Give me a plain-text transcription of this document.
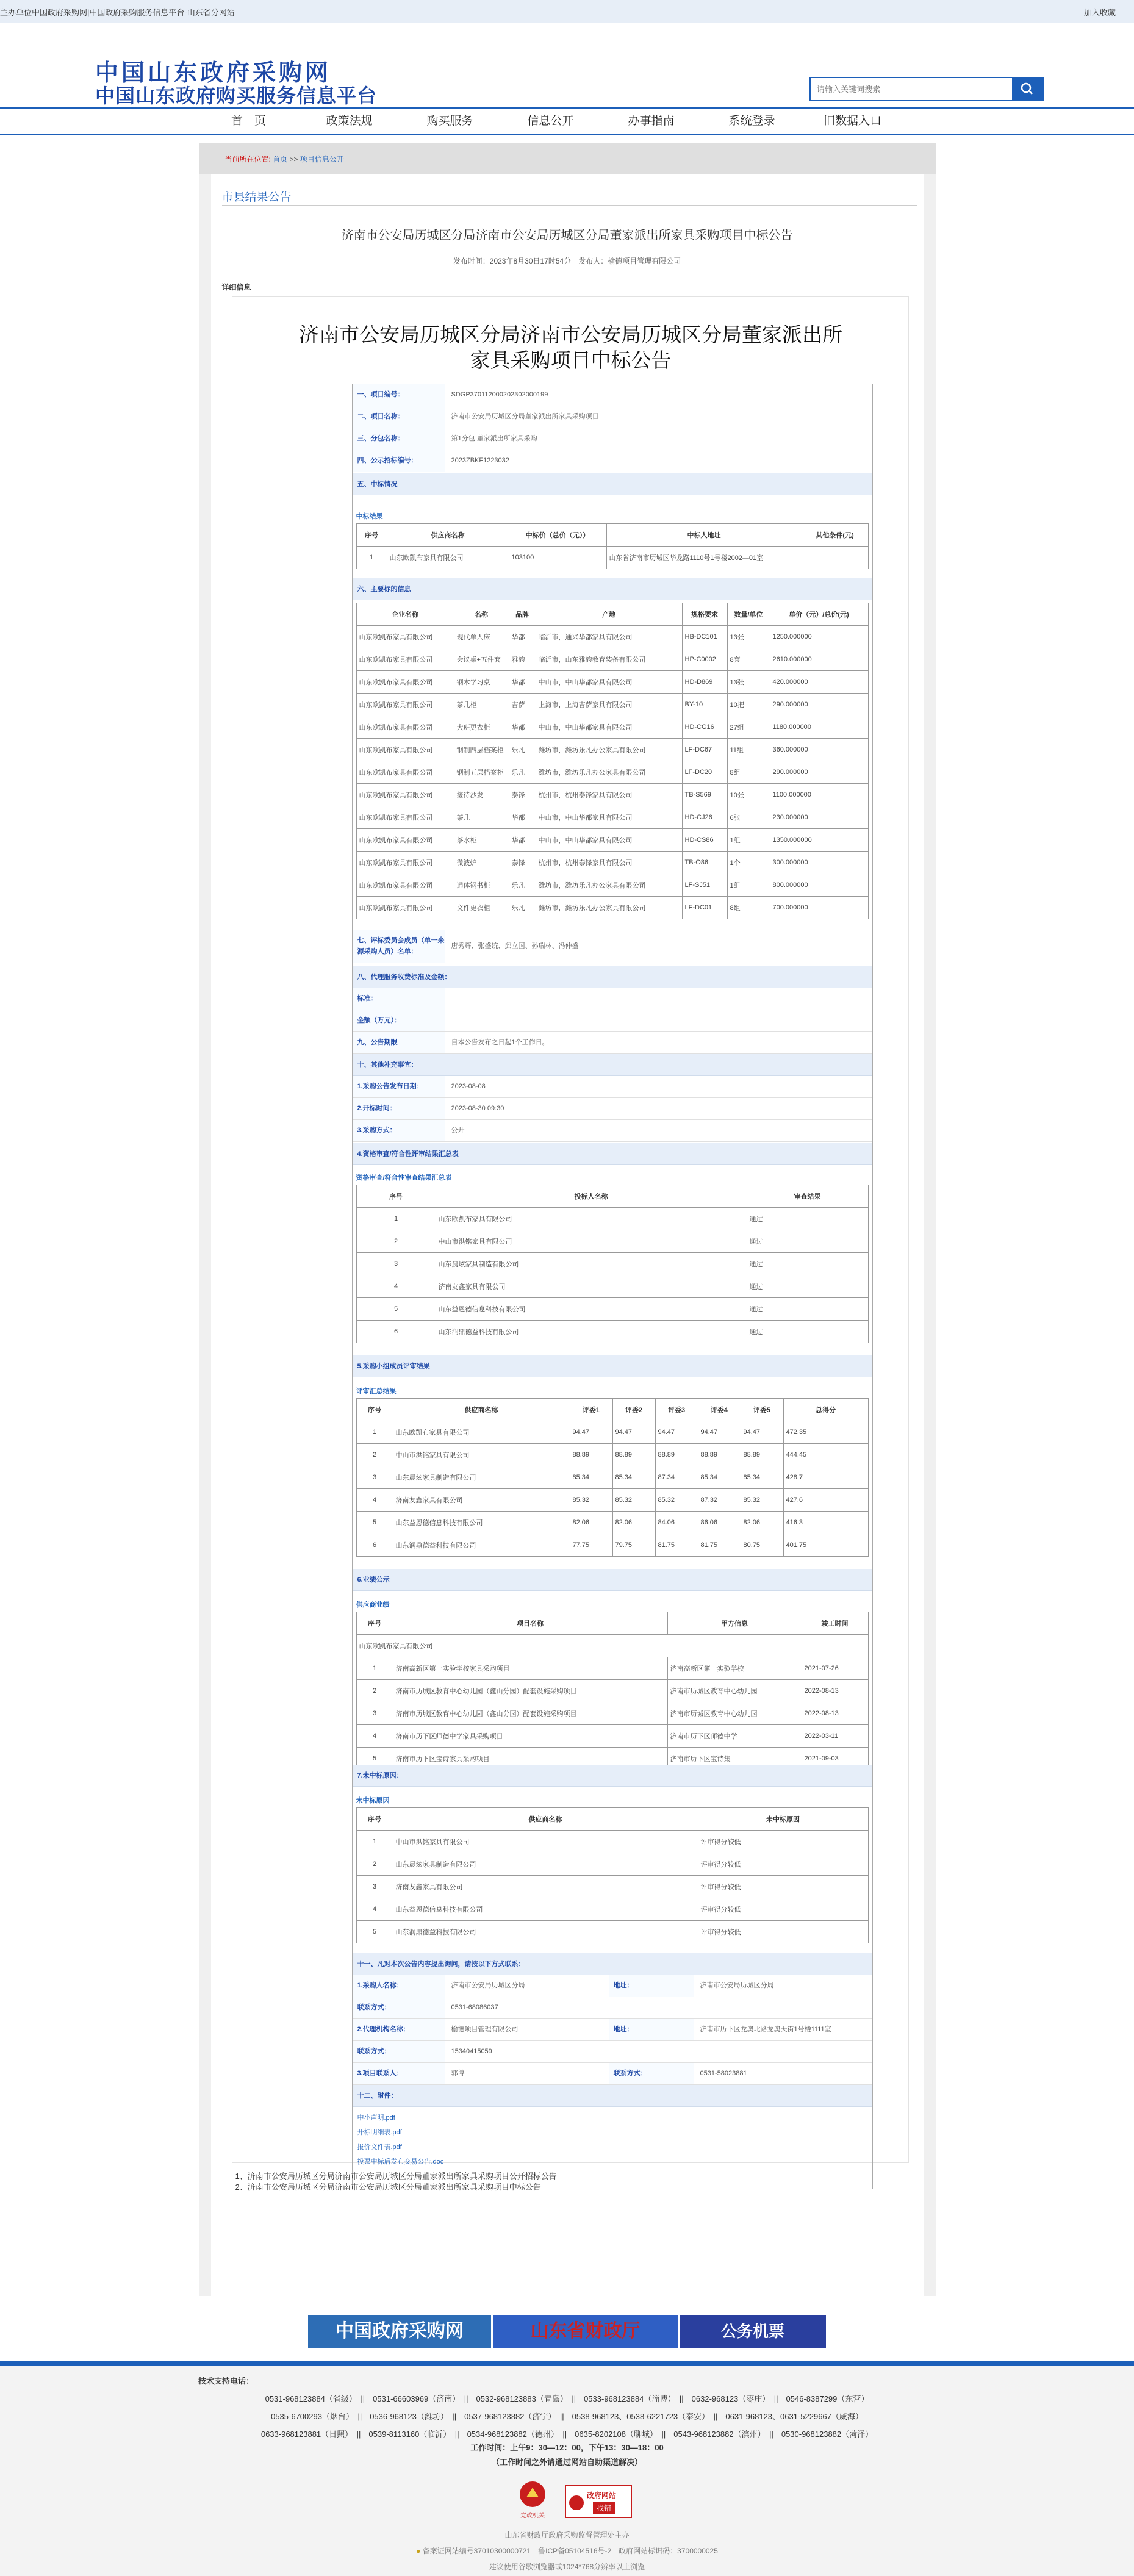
主办单位中国政府采购网|中国政府采购服务信息平台-山东省分网站	加入收藏
中国山东政府采购网
中国山东政府购买服务信息平台
请输入关键词搜索
首　页	政策法规	购买服务	信息公开	办事指南	系统登录	旧数据入口
当前所在位置: 首页 >> 项目信息公开
市县结果公告
济南市公安局历城区分局济南市公安局历城区分局董家派出所家具采购项目中标公告
发布时间：2023年8月30日17时54分　发布人：榆德项目管理有限公司
详细信息
济南市公安局历城区分局济南市公安局历城区分局董家派出所家具采购项目中标公告
一、项目编号：	SDGP370112000202302000199
二、项目名称：	济南市公安局历城区分局董家派出所家具采购项目
三、分包名称：	第1分包 董家派出所家具采购
四、公示招标编号：	2023ZBKF1223032
五、中标情况
中标结果
序号	供应商名称	中标价（总价（元））	中标人地址	其他条件(元)
1	山东欧凯布家具有限公司	103100	山东省济南市历城区华龙路1110号1号楼2002—01室	
六、主要标的信息
企业名称	名称	品牌	产地	规格要求	数量/单位	单价（元）/总价(元)
山东欧凯布家具有限公司	现代单人床	华都	临沂市，通兴华都家具有限公司	HB-DC101	13张	1250.000000
山东欧凯布家具有限公司	会议桌+五件套	雅韵	临沂市，山东雅韵教育装备有限公司	HP-C0002	8套	2610.000000
山东欧凯布家具有限公司	钢木学习桌	华都	中山市，中山华都家具有限公司	HD-D869	13张	420.000000
山东欧凯布家具有限公司	茶几柜	吉萨	上海市，上海吉萨家具有限公司	BY-10	10把	290.000000
山东欧凯布家具有限公司	大班更衣柜	华都	中山市，中山华都家具有限公司	HD-CG16	27组	1180.000000
山东欧凯布家具有限公司	钢制四层档案柜	乐凡	潍坊市，潍坊乐凡办公家具有限公司	LF-DC67	11组	360.000000
山东欧凯布家具有限公司	钢制五层档案柜	乐凡	潍坊市，潍坊乐凡办公家具有限公司	LF-DC20	8组	290.000000
山东欧凯布家具有限公司	接待沙发	泰锋	杭州市，杭州泰锋家具有限公司	TB-S569	10张	1100.000000
山东欧凯布家具有限公司	茶几	华都	中山市，中山华都家具有限公司	HD-CJ26	6张	230.000000
山东欧凯布家具有限公司	茶水柜	华都	中山市，中山华都家具有限公司	HD-CS86	1组	1350.000000
山东欧凯布家具有限公司	微波炉	泰锋	杭州市，杭州泰锋家具有限公司	TB-O86	1个	300.000000
山东欧凯布家具有限公司	通体钢书柜	乐凡	潍坊市，潍坊乐凡办公家具有限公司	LF-SJ51	1组	800.000000
山东欧凯布家具有限公司	文件更衣柜	乐凡	潍坊市，潍坊乐凡办公家具有限公司	LF-DC01	8组	700.000000
七、评标委员会成员（单一来源采购人员）名单：
唐秀辉、张盛统、邱立国、孙瑞林、冯仲盛
八、代理服务收费标准及金额：
标准：
金额（万元）：
九、公告期限	自本公告发布之日起1个工作日。
十、其他补充事宜：
1.采购公告发布日期：	2023-08-08
2.开标时间：	2023-08-30 09:30
3.采购方式：	公开
4.资格审查/符合性评审结果汇总表
资格审查/符合性审查结果汇总表
序号	投标人名称	审查结果
1	山东欧凯布家具有限公司	通过
2	中山市洪铭家具有限公司	通过
3	山东晨炫家具制造有限公司	通过
4	济南友鑫家具有限公司	通过
5	山东益恩德信息科技有限公司	通过
6	山东润鼎德益科技有限公司	通过
5.采购小组成员评审结果
评审汇总结果
序号	供应商名称	评委1	评委2	评委3	评委4	评委5	总得分
1	山东欧凯布家具有限公司	94.47	94.47	94.47	94.47	94.47	472.35
2	中山市洪铭家具有限公司	88.89	88.89	88.89	88.89	88.89	444.45
3	山东晨炫家具制造有限公司	85.34	85.34	87.34	85.34	85.34	428.7
4	济南友鑫家具有限公司	85.32	85.32	85.32	87.32	85.32	427.6
5	山东益恩德信息科技有限公司	82.06	82.06	84.06	86.06	82.06	416.3
6	山东润鼎德益科技有限公司	77.75	79.75	81.75	81.75	80.75	401.75
6.业绩公示
供应商业绩
序号	项目名称	甲方信息	竣工时间
山东欧凯布家具有限公司			
1	济南高新区第一实验学校家具采购项目	济南高新区第一实验学校	2021-07-26
2	济南市历城区教育中心幼儿园（鑫山分园）配套设施采购项目	济南市历城区教育中心幼儿园	2022-08-13
3	济南市历城区教育中心幼儿园（鑫山分园）配套设施采购项目	济南市历城区教育中心幼儿园	2022-08-13
4	济南市历下区师德中学家具采购项目	济南市历下区师德中学	2022-03-11
5	济南市历下区宝诗家具采购项目	济南市历下区宝诗集	2021-09-03
7.未中标原因：
未中标原因
序号	供应商名称	未中标原因
1	中山市洪铭家具有限公司	评审得分较低
2	山东晨炫家具制造有限公司	评审得分较低
3	济南友鑫家具有限公司	评审得分较低
4	山东益恩德信息科技有限公司	评审得分较低
5	山东润鼎德益科技有限公司	评审得分较低
十一、凡对本次公告内容提出询问，请按以下方式联系：
1.采购人名称：	济南市公安局历城区分局	地址：	济南市公安局历城区分局
联系方式：	0531-68086037
2.代理机构名称：	榆德项目管理有限公司	地址：	济南市历下区龙奥北路龙奥天街1号楼1111室
联系方式：	15340415059
3.项目联系人：	郭博	联系方式：	0531-58023881
十二、附件：
中小声明.pdf
开标明细表.pdf
报价文件表.pdf
投票中标后发布交易公告.doc
1、济南市公安局历城区分局济南市公安局历城区分局董家派出所家具采购项目公开招标公告
2、济南市公安局历城区分局济南市公安局历城区分局董家派出所家具采购项目中标公告
中国政府采购网	山东省财政厅	公务机票
技术支持电话：
0531-968123884（省级）　||　0531-66603969（济南）　||　0532-968123883（青岛）　||　0533-968123884（淄博）　||　0632-968123（枣庄）　||　0546-8387299（东营）
0535-6700293（烟台）　||　0536-968123（潍坊）　||　0537-968123882（济宁）　||　0538-968123、0538-6221723（泰安）　||　0631-968123、0631-5229667（威海）
0633-968123881（日照）　||　0539-8113160（临沂）　||　0534-968123882（德州）　||　0635-8202108（聊城）　||　0543-968123882（滨州）　||　0530-968123882（菏泽）
工作时间：上午9：30—12：00，下午13：30—18：00
（工作时间之外请通过网站自助渠道解决）
党政机关
政府网站
找错
山东省财政厅政府采购监督管理处主办
● 备案证网站编号37010300000721　鲁ICP备05104516号-2　政府网站标识码：3700000025
建议使用谷歌浏览器或1024*768分辨率以上浏览
